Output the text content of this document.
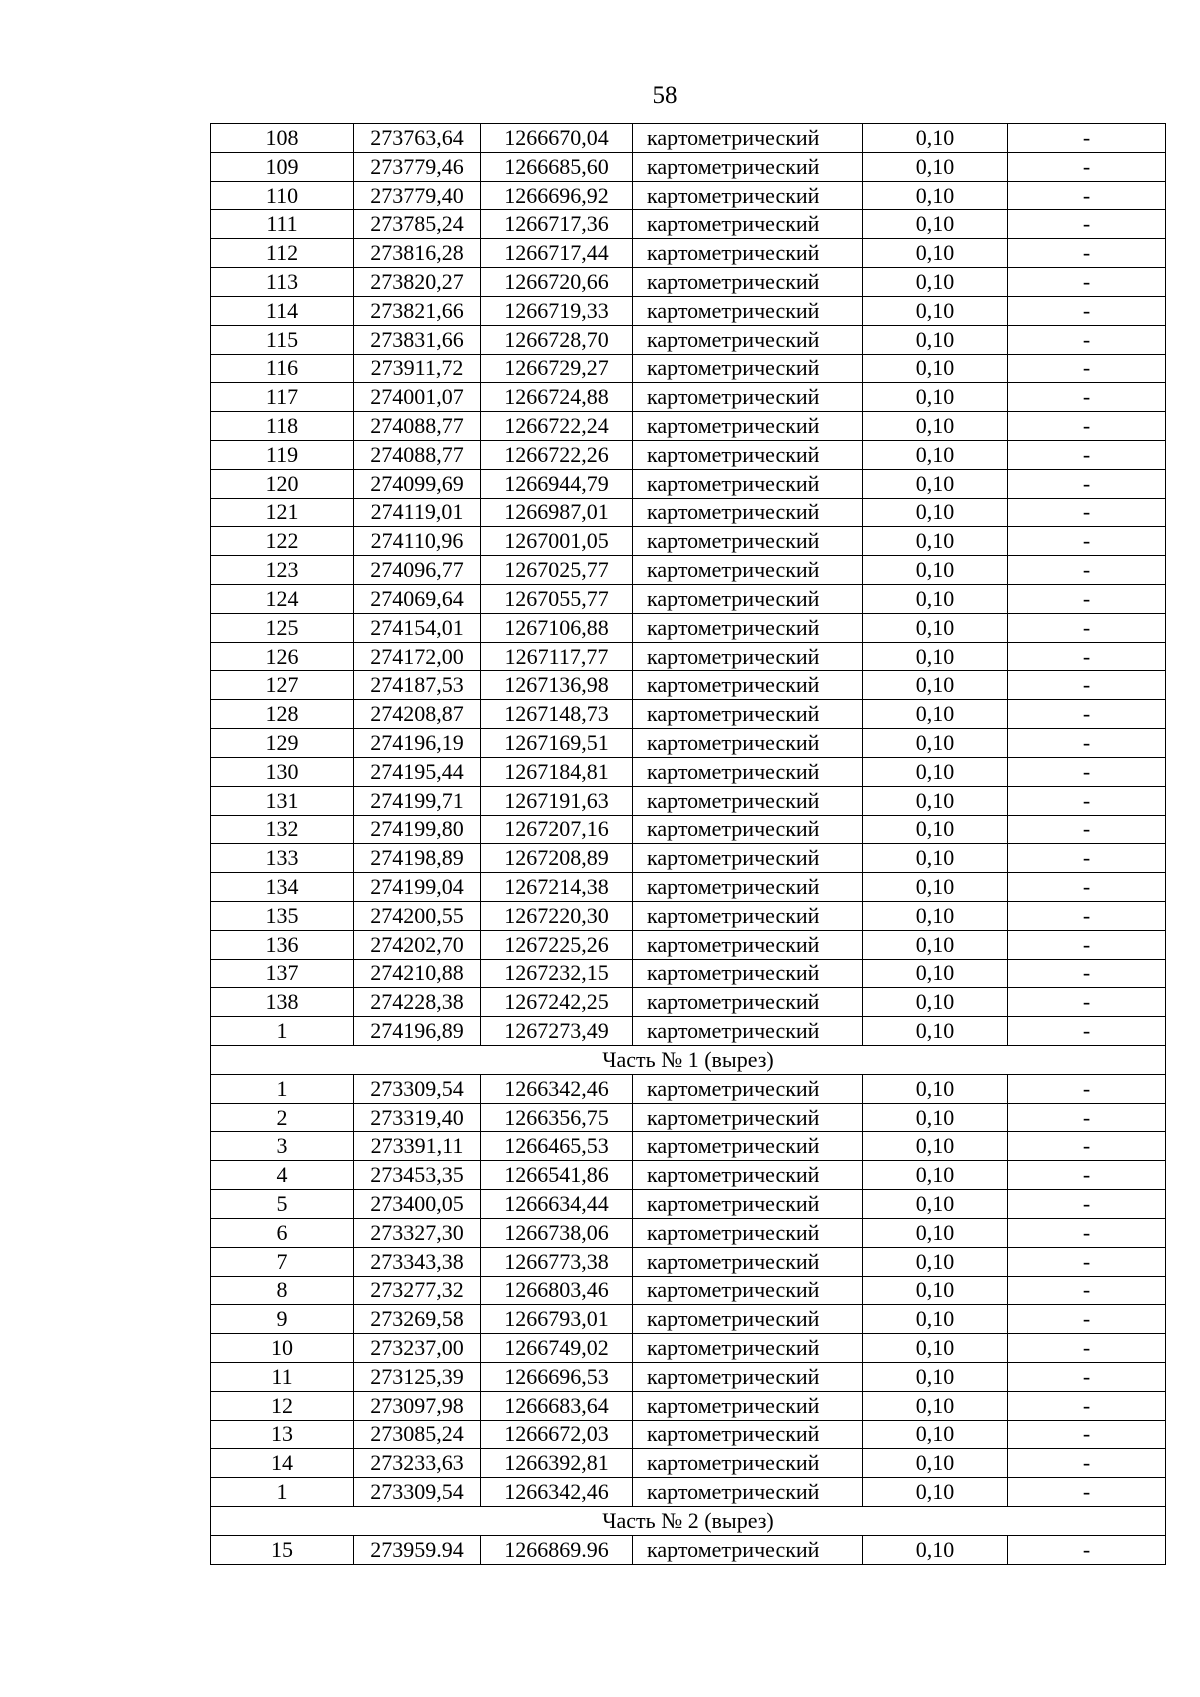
58
108	273763,64	1266670,04	картометрический	0,10	-
109	273779,46	1266685,60	картометрический	0,10	-
110	273779,40	1266696,92	картометрический	0,10	-
111	273785,24	1266717,36	картометрический	0,10	-
112	273816,28	1266717,44	картометрический	0,10	-
113	273820,27	1266720,66	картометрический	0,10	-
114	273821,66	1266719,33	картометрический	0,10	-
115	273831,66	1266728,70	картометрический	0,10	-
116	273911,72	1266729,27	картометрический	0,10	-
117	274001,07	1266724,88	картометрический	0,10	-
118	274088,77	1266722,24	картометрический	0,10	-
119	274088,77	1266722,26	картометрический	0,10	-
120	274099,69	1266944,79	картометрический	0,10	-
121	274119,01	1266987,01	картометрический	0,10	-
122	274110,96	1267001,05	картометрический	0,10	-
123	274096,77	1267025,77	картометрический	0,10	-
124	274069,64	1267055,77	картометрический	0,10	-
125	274154,01	1267106,88	картометрический	0,10	-
126	274172,00	1267117,77	картометрический	0,10	-
127	274187,53	1267136,98	картометрический	0,10	-
128	274208,87	1267148,73	картометрический	0,10	-
129	274196,19	1267169,51	картометрический	0,10	-
130	274195,44	1267184,81	картометрический	0,10	-
131	274199,71	1267191,63	картометрический	0,10	-
132	274199,80	1267207,16	картометрический	0,10	-
133	274198,89	1267208,89	картометрический	0,10	-
134	274199,04	1267214,38	картометрический	0,10	-
135	274200,55	1267220,30	картометрический	0,10	-
136	274202,70	1267225,26	картометрический	0,10	-
137	274210,88	1267232,15	картометрический	0,10	-
138	274228,38	1267242,25	картометрический	0,10	-
1	274196,89	1267273,49	картометрический	0,10	-
Часть № 1 (вырез)					
1	273309,54	1266342,46	картометрический	0,10	-
2	273319,40	1266356,75	картометрический	0,10	-
3	273391,11	1266465,53	картометрический	0,10	-
4	273453,35	1266541,86	картометрический	0,10	-
5	273400,05	1266634,44	картометрический	0,10	-
6	273327,30	1266738,06	картометрический	0,10	-
7	273343,38	1266773,38	картометрический	0,10	-
8	273277,32	1266803,46	картометрический	0,10	-
9	273269,58	1266793,01	картометрический	0,10	-
10	273237,00	1266749,02	картометрический	0,10	-
11	273125,39	1266696,53	картометрический	0,10	-
12	273097,98	1266683,64	картометрический	0,10	-
13	273085,24	1266672,03	картометрический	0,10	-
14	273233,63	1266392,81	картометрический	0,10	-
1	273309,54	1266342,46	картометрический	0,10	-
Часть № 2 (вырез)					
15	273959.94	1266869.96	картометрический	0,10	-
